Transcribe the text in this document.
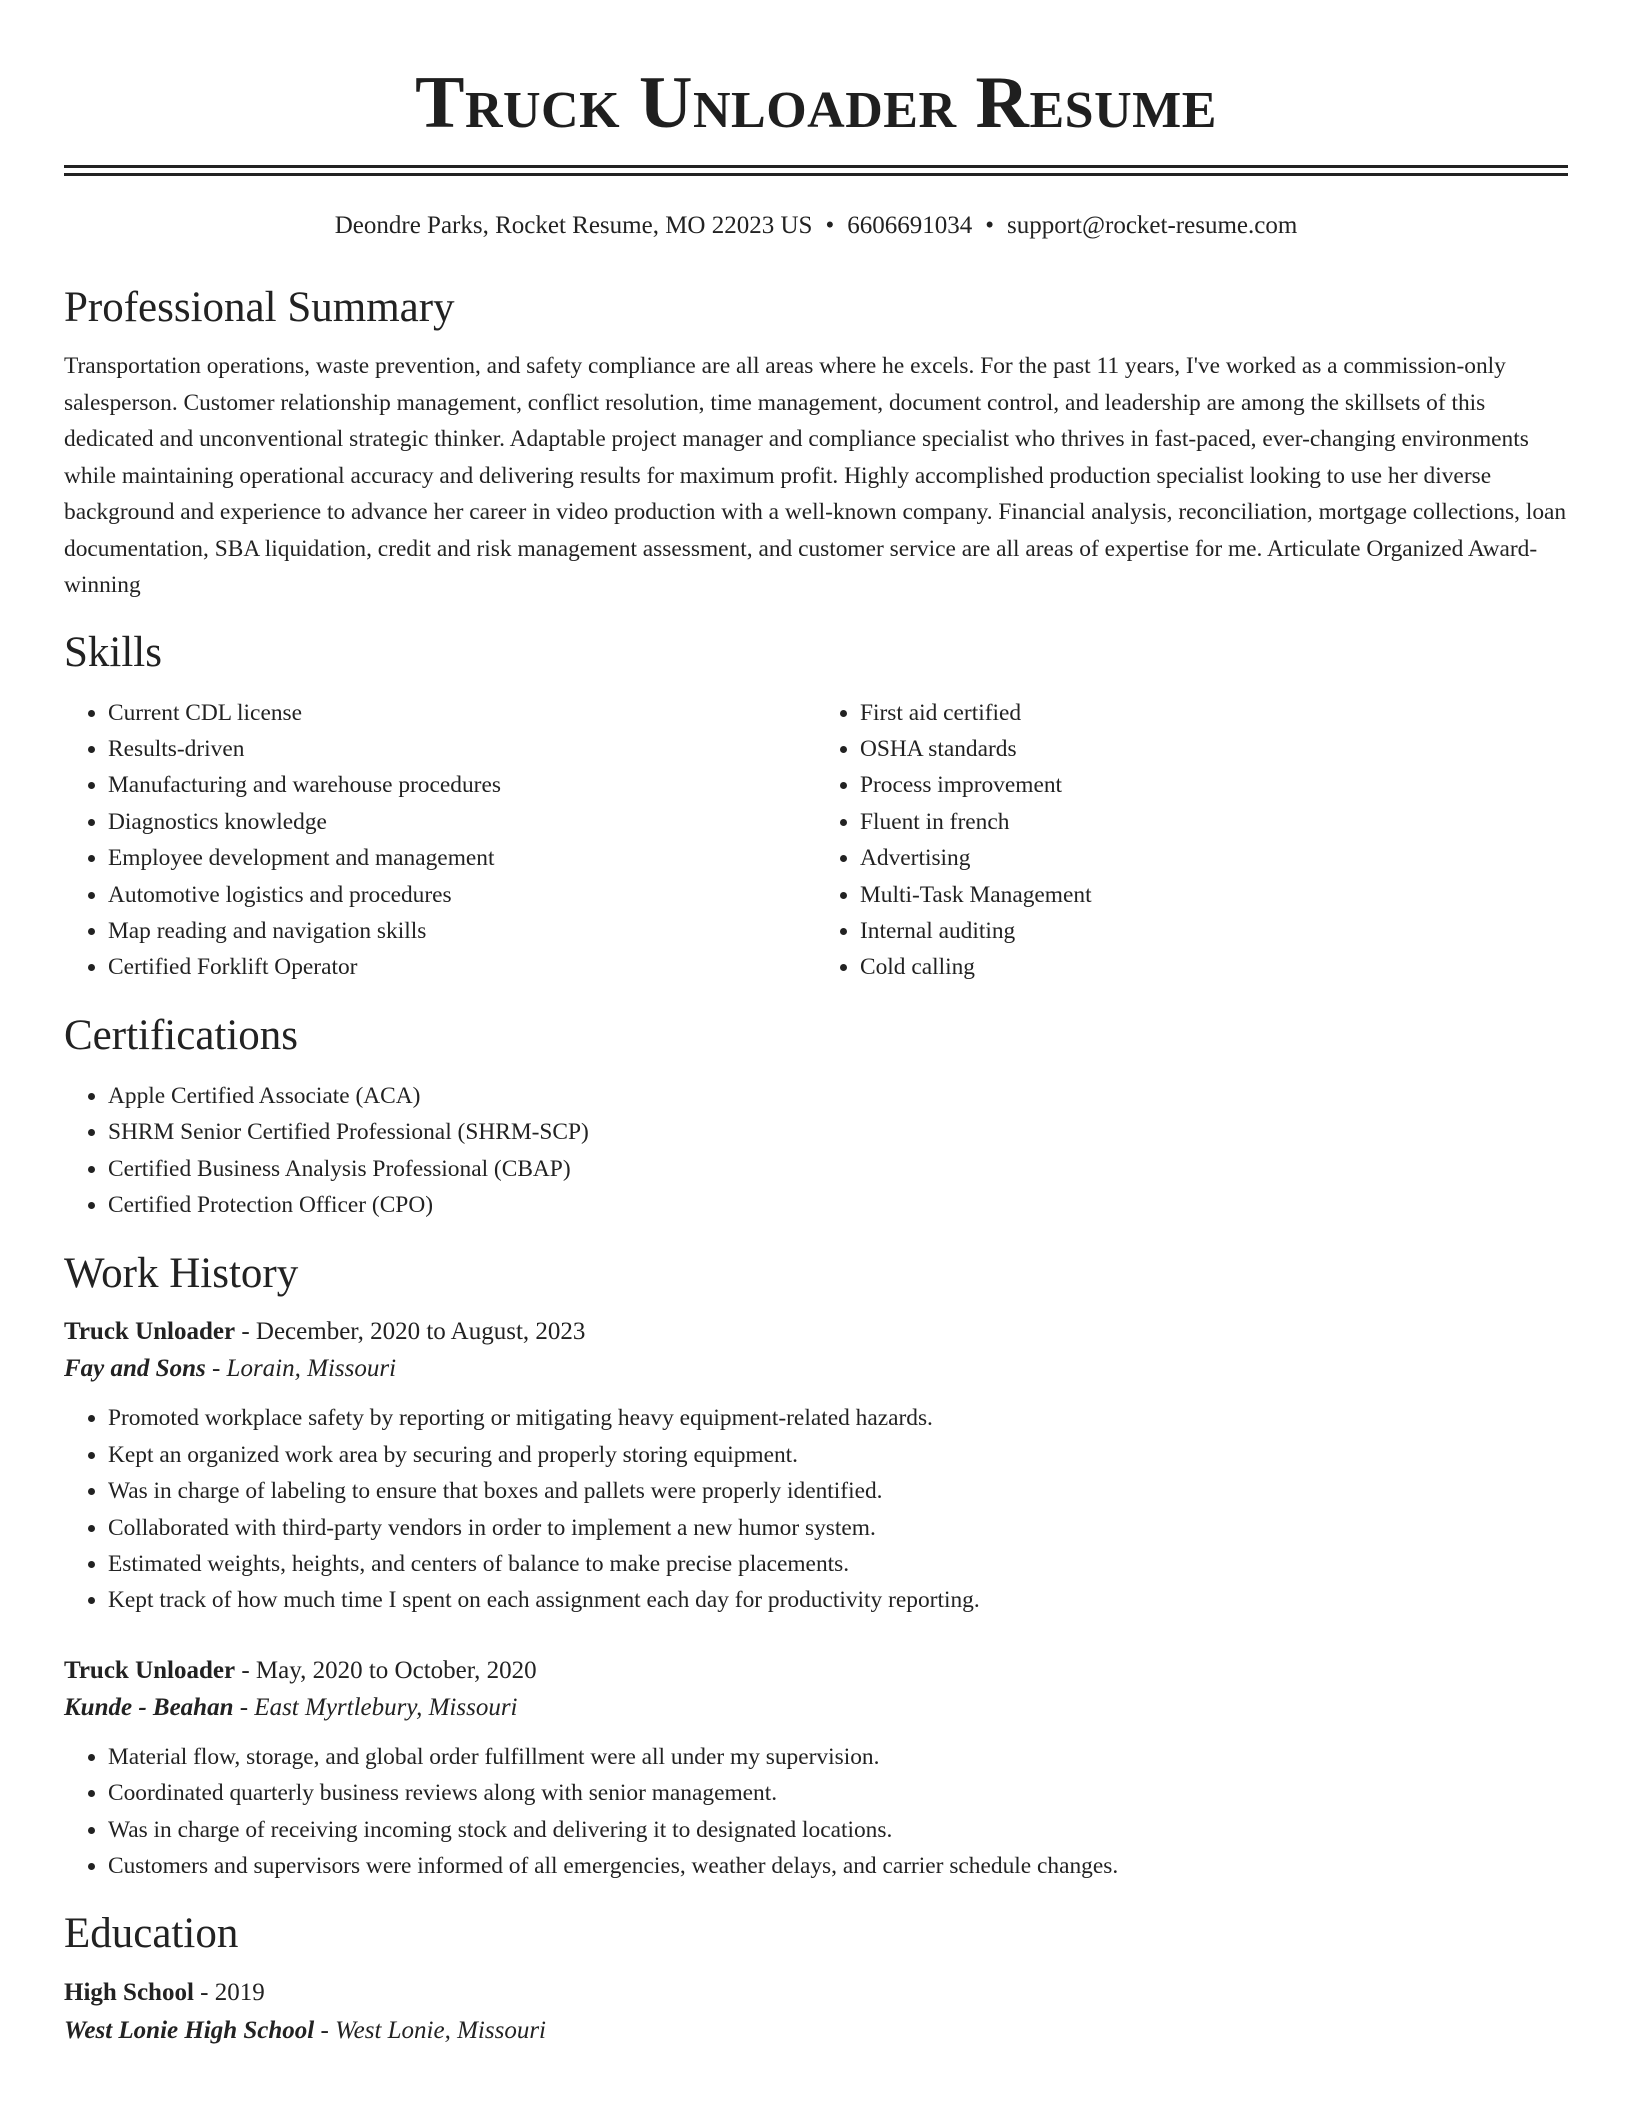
Truck Unloader Resume
Deondre Parks, Rocket Resume, MO 22023 US • 6606691034 • support@rocket-resume.com
Professional Summary

Transportation operations, waste prevention, and safety compliance are all areas where he excels. For the past 11 years, I've worked as a commission-only salesperson. Customer relationship management, conflict resolution, time management, document control, and leadership are among the skillsets of this dedicated and unconventional strategic thinker. Adaptable project manager and compliance specialist who thrives in fast-paced, ever-changing environments while maintaining operational accuracy and delivering results for maximum profit. Highly accomplished production specialist looking to use her diverse background and experience to advance her career in video production with a well-known company. Financial analysis, reconciliation, mortgage collections, loan documentation, SBA liquidation, credit and risk management assessment, and customer service are all areas of expertise for me. Articulate Organized Award-winning

Skills
• Current CDL license
• Results-driven
• Manufacturing and warehouse procedures
• Diagnostics knowledge
• Employee development and management
• Automotive logistics and procedures
• Map reading and navigation skills
• Certified Forklift Operator
• First aid certified
• OSHA standards
• Process improvement
• Fluent in french
• Advertising
• Multi-Task Management
• Internal auditing
• Cold calling
Certifications
• Apple Certified Associate (ACA)
• SHRM Senior Certified Professional (SHRM-SCP)
• Certified Business Analysis Professional (CBAP)
• Certified Protection Officer (CPO)
Work History
Truck Unloader - December, 2020 to August, 2023
Fay and Sons - Lorain, Missouri
• Promoted workplace safety by reporting or mitigating heavy equipment-related hazards.
• Kept an organized work area by securing and properly storing equipment.
• Was in charge of labeling to ensure that boxes and pallets were properly identified.
• Collaborated with third-party vendors in order to implement a new humor system.
• Estimated weights, heights, and centers of balance to make precise placements.
• Kept track of how much time I spent on each assignment each day for productivity reporting.
Truck Unloader - May, 2020 to October, 2020
Kunde - Beahan - East Myrtlebury, Missouri
• Material flow, storage, and global order fulfillment were all under my supervision.
• Coordinated quarterly business reviews along with senior management.
• Was in charge of receiving incoming stock and delivering it to designated locations.
• Customers and supervisors were informed of all emergencies, weather delays, and carrier schedule changes.
Education
High School - 2019
West Lonie High School - West Lonie, Missouri
